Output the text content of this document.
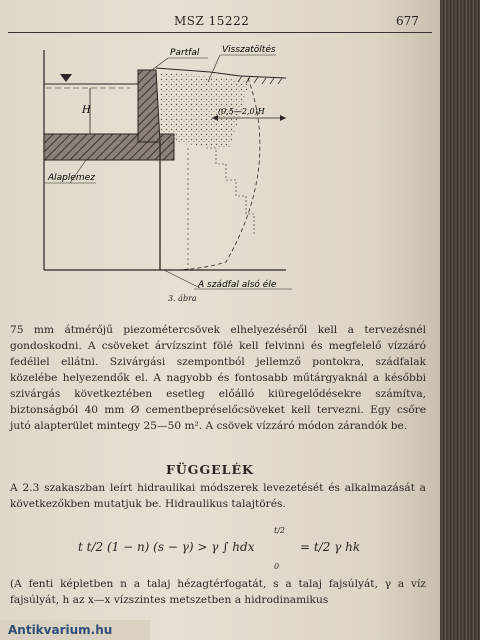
MSZ 15222	677
H	(0,5—2,0)H
Partfal	Visszatöltés
Alaplemez
A szádfal alsó éle
3. ábra

75 mm átmérőjű piezométercsövek elhelyezéséről kell a tervezésnél gondoskodni. A csöveket árvízszint fölé kell felvinni és megfelelő vízzáró fedéllel ellátni. Szivárgási szempontból jellemző pontokra, szádfalak közelébe helyezendők el. A nagyobb és fontosabb műtárgyaknál a későbbi szivárgás következtében esetleg előálló kiüregelődésekre számítva, biztonságból 40 mm Ø cementbepréselőcsöveket kell tervezni. Egy csőre jutó alapterület mintegy 25—50 m². A csövek vízzáró módon zárandók be.

FÜGGELÉK

A 2.3 szakaszban leírt hidraulikai módszerek levezetését és alkalmazását a következőkben mutatjuk be. Hidraulikus talajtörés.

t t/2 (1 − n) (s − γ) > γ ∫ hdx
t/2
0
= t/2 γ hk

(A fenti képletben n a talaj hézagtérfogatát, s a talaj fajsúlyát, γ a víz fajsúlyát, h az x—x vízszintes metszetben a hidrodinamikus

Antikvarium.hu
